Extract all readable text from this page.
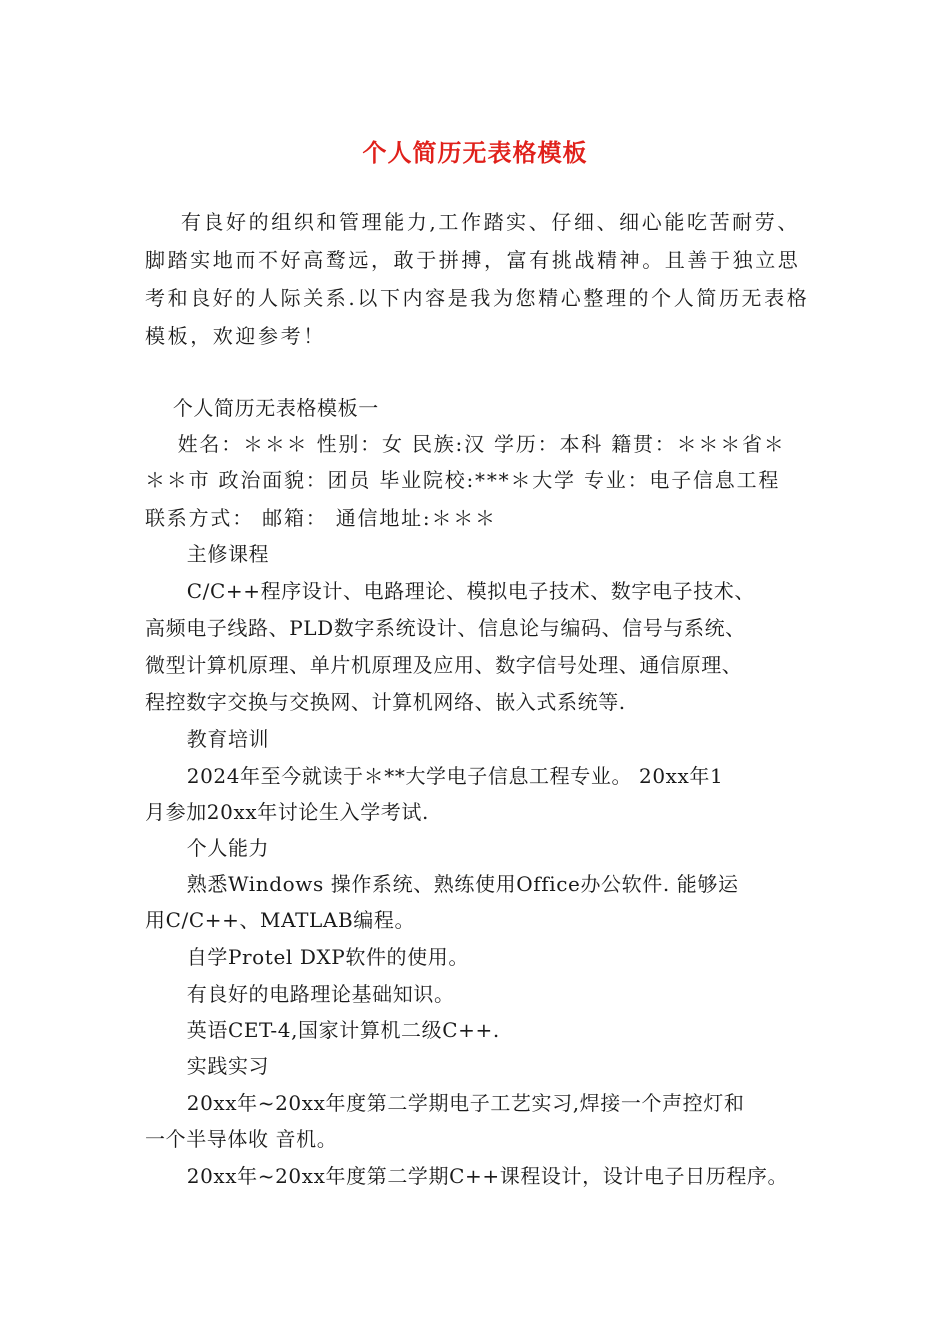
个人简历无表格模板
有良好的组织和管理能力,工作踏实、仔细、细心能吃苦耐劳、
脚踏实地而不好高鹜远，敢于拼搏，富有挑战精神。且善于独立思
考和良好的人际关系.以下内容是我为您精心整理的个人简历无表格
模板，欢迎参考！
个人简历无表格模板一
姓名：＊＊＊ 性别：女 民族:汉 学历：本科 籍贯：＊＊＊省＊
＊＊市 政治面貌：团员 毕业院校:***＊大学 专业：电子信息工程
联系方式： 邮箱： 通信地址:＊＊＊
主修课程
C/C++程序设计、电路理论、模拟电子技术、数字电子技术、
高频电子线路、PLD数字系统设计、信息论与编码、信号与系统、
微型计算机原理、单片机原理及应用、数字信号处理、通信原理、
程控数字交换与交换网、计算机网络、嵌入式系统等.
教育培训
2024年至今就读于＊**大学电子信息工程专业。 20xx年1
月参加20xx年讨论生入学考试.
个人能力
熟悉Windows 操作系统、熟练使用Office办公软件. 能够运
用C/C++、MATLAB编程。
自学Protel DXP软件的使用。
有良好的电路理论基础知识。
英语CET-4,国家计算机二级C++.
实践实习
20xx年~20xx年度第二学期电子工艺实习,焊接一个声控灯和
一个半导体收 音机。
20xx年~20xx年度第二学期C++课程设计，设计电子日历程序。
